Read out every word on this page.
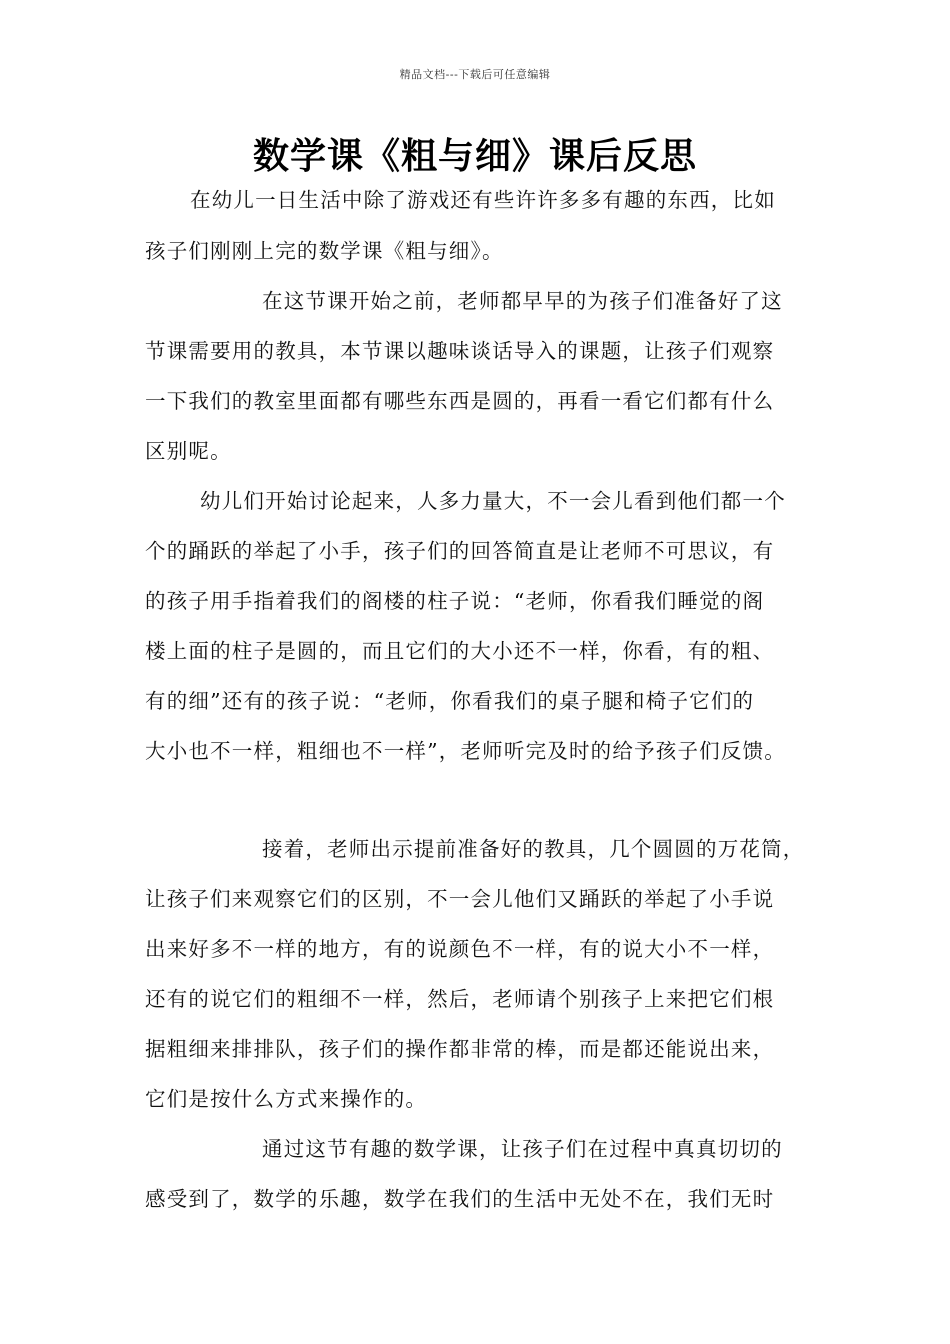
精品文档---下载后可任意编辑
数学课《粗与细》课后反思
在幼儿一日生活中除了游戏还有些许许多多有趣的东西，比如
孩子们刚刚上完的数学课《粗与细》。
在这节课开始之前，老师都早早的为孩子们准备好了这
节课需要用的教具，本节课以趣味谈话导入的课题，让孩子们观察
一下我们的教室里面都有哪些东西是圆的，再看一看它们都有什么
区别呢。
幼儿们开始讨论起来，人多力量大，不一会儿看到他们都一个
个的踊跃的举起了小手，孩子们的回答简直是让老师不可思议，有
的孩子用手指着我们的阁楼的柱子说：“老师，你看我们睡觉的阁
楼上面的柱子是圆的，而且它们的大小还不一样，你看，有的粗、
有的细”还有的孩子说：“老师，你看我们的桌子腿和椅子它们的
大小也不一样，粗细也不一样”，老师听完及时的给予孩子们反馈。
接着，老师出示提前准备好的教具，几个圆圆的万花筒，
让孩子们来观察它们的区别，不一会儿他们又踊跃的举起了小手说
出来好多不一样的地方，有的说颜色不一样，有的说大小不一样，
还有的说它们的粗细不一样，然后，老师请个别孩子上来把它们根
据粗细来排排队，孩子们的操作都非常的棒，而是都还能说出来，
它们是按什么方式来操作的。
通过这节有趣的数学课，让孩子们在过程中真真切切的
感受到了，数学的乐趣，数学在我们的生活中无处不在，我们无时
